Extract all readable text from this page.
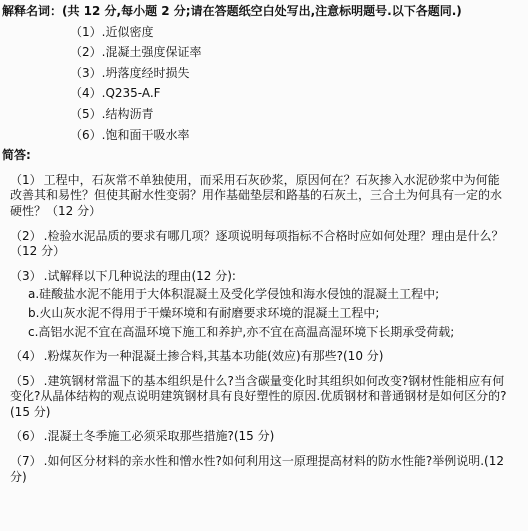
解释名词：(共 12 分,每小题 2 分;请在答题纸空白处写出,注意标明题号.以下各题同.)
（1）.近似密度
（2）.混凝土强度保证率
（3）.坍落度经时损失
（4）.Q235-A.F
（5）.结构沥青
（6）.饱和面干吸水率
简答:
（1） 工程中，石灰常不单独使用，而采用石灰砂浆，原因何在？石灰掺入水泥砂浆中为何能改善其和易性？但使其耐水性变弱？用作基础垫层和路基的石灰土，三合土为何具有一定的水硬性？（12 分）
（2） .检验水泥品质的要求有哪几项？逐项说明每项指标不合格时应如何处理？理由是什么？（12 分）
（3） .试解释以下几种说法的理由(12 分):
a.硅酸盐水泥不能用于大体积混凝土及受化学侵蚀和海水侵蚀的混凝土工程中;
b.火山灰水泥不得用于干燥环境和有耐磨要求环境的混凝土工程中;
c.高铝水泥不宜在高温环境下施工和养护,亦不宜在高温高湿环境下长期承受荷载;
（4） .粉煤灰作为一种混凝土掺合料,其基本功能(效应)有那些?(10 分)
（5） .建筑钢材常温下的基本组织是什么?当含碳量变化时其组织如何改变?钢材性能相应有何变化?从晶体结构的观点说明建筑钢材具有良好塑性的原因.优质钢材和普通钢材是如何区分的?(15 分)
（6） .混凝土冬季施工必须采取那些措施?(15 分)
（7） .如何区分材料的亲水性和憎水性?如何利用这一原理提高材料的防水性能?举例说明.(12 分)
